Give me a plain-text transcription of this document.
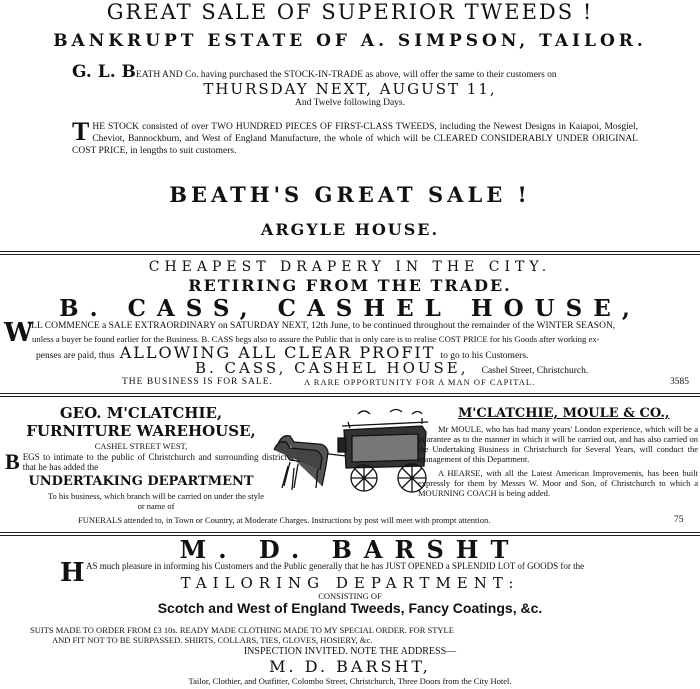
GREAT SALE OF SUPERIOR TWEEDS !
BANKRUPT ESTATE OF A. SIMPSON, TAILOR.
G. L. BEATH AND Co. having purchased the STOCK-IN-TRADE as above, will offer the same to their customers on
THURSDAY NEXT, AUGUST 11,
And Twelve following Days.
THE STOCK consisted of over TWO HUNDRED PIECES OF FIRST-CLASS TWEEDS, including the Newest Designs in Kaiapoi, Mosgiel, Cheviot, Bannockburn, and West of England Manufacture, the whole of which will be CLEARED CONSIDERABLY UNDER ORIGINAL COST PRICE, in lengths to suit customers.
BEATH'S GREAT SALE !
ARGYLE HOUSE.
CHEAPEST DRAPERY IN THE CITY.
RETIRING FROM THE TRADE.
B. CASS, CASHEL HOUSE,
W
ILL COMMENCE a SALE EXTRAORDINARY on SATURDAY NEXT, 12th June, to be continued throughout the remainder of the WINTER SEASON,
unless a buyer be found earlier for the Business. B. CASS begs also to assure the Public that is only care is to realise COST PRICE for his Goods after working ex-
penses are paid, thus ALLOWING ALL CLEAR PROFIT to go to his Customers.
B. CASS, CASHEL HOUSE, Cashel Street, Christchurch.
THE BUSINESS IS FOR SALE.	A RARE OPPORTUNITY FOR A MAN OF CAPITAL.	3585
GEO. M'CLATCHIE,
FURNITURE WAREHOUSE,
CASHEL STREET WEST,
BEGS to intimate to the public of Christchurch and surrounding district that he has added the
UNDERTAKING DEPARTMENT
To his business, which branch will be carried on under the style
or name of
M'CLATCHIE, MOULE & CO.,
Mr MOULE, who has had many years' London experience, which will be a guarantee as to the manner in which it will be carried out, and has also carried on the Undertaking Business in Christchurch for Several Years, will conduct the management of this Department.
A HEARSE, with all the Latest American Improvements, has been built expressly for them by Messrs W. Moor and Son, of Christchurch to which a MOURNING COACH is being added.
FUNERALS attended to, in Town or Country, at Moderate Charges. Instructions by post will meet with prompt attention.	75
M. D. BARSHT
H AS much pleasure in informing his Customers and the Public generally that he has JUST OPENED a SPLENDID LOT of GOODS for the
TAILORING DEPARTMENT:
CONSISTING OF
Scotch and West of England Tweeds, Fancy Coatings, &c.
SUITS MADE TO ORDER FROM £3 10s. READY MADE CLOTHING MADE TO MY SPECIAL ORDER. FOR STYLE
AND FIT NOT TO BE SURPASSED. SHIRTS, COLLARS, TIES, GLOVES, HOSIERY, &c.
INSPECTION INVITED. NOTE THE ADDRESS—
M. D. BARSHT,
Tailor, Clothier, and Outfitter, Colombo Street, Christchurch, Three Doors from the City Hotel.
